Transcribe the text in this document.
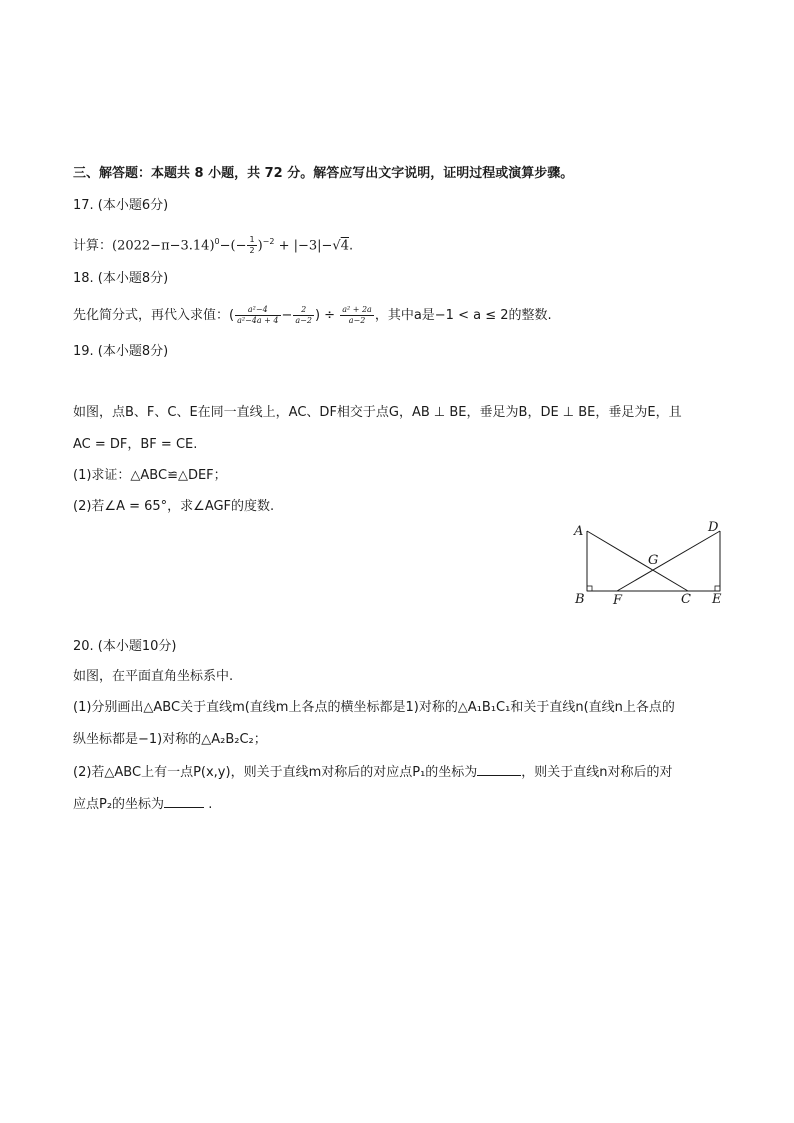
三、解答题：本题共 8 小题，共 72 分。解答应写出文字说明，证明过程或演算步骤。
17. (本小题6分)
计算：$(2022-\pi-3.14)^0-(- \frac{1}{2} )^{-2} + |-3|-√4$.
18. (本小题8分)
先化简分式，再代入求值：( $\frac{\text{a²−4}}{\text{a²−4a + 4}} - \frac{2}{a-2}$ ) ÷ $\frac{\text{a² + 2a}}{a-2}$ ，其中a是−1 < a ≤ 2的整数.
19. (本小题8分)
如图，点B、F、C、E在同一直线上，AC、DF相交于点G，AB ⊥ BE，垂足为B，DE ⊥ BE，垂足为E，且
AC = DF，BF = CE.
(1)求证：△ABC≌△DEF；
(2)若∠A = 65°，求∠AGF的度数.
A	D
G
B F	C E
20. (本小题10分)
如图，在平面直角坐标系中.
(1)分别画出△ABC关于直线m(直线m上各点的横坐标都是1)对称的△A₁B₁C₁和关于直线n(直线n上各点的
纵坐标都是−1)对称的△A₂B₂C₂；
(2)若△ABC上有一点P(x,y)，则关于直线m对称后的对应点P₁的坐标为	，则关于直线n对称后的对
应点P₂的坐标为	.
